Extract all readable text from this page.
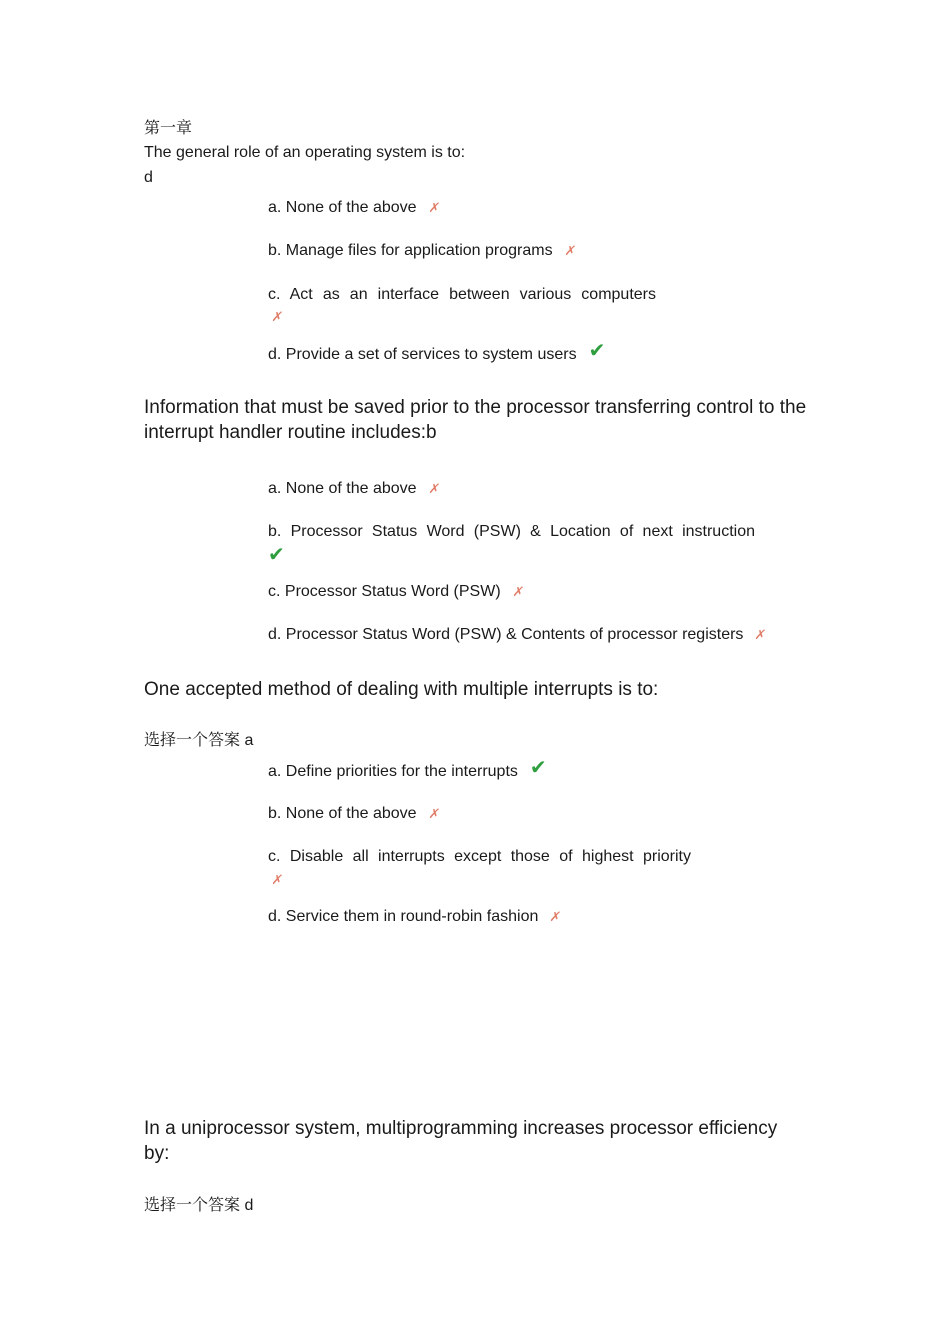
第一章
The general role of an operating system is to:
d
a. None of the above ✗
b. Manage files for application programs ✗
c. Act as an interface between various computers
✗
d. Provide a set of services to system users ✔
Information that must be saved prior to the processor transferring control to the
interrupt handler routine includes:b
a. None of the above ✗
b. Processor Status Word (PSW) & Location of next instruction
✔
c. Processor Status Word (PSW) ✗
d. Processor Status Word (PSW) & Contents of processor registers ✗
One accepted method of dealing with multiple interrupts is to:
选择一个答案 a
a. Define priorities for the interrupts ✔
b. None of the above ✗
c. Disable all interrupts except those of highest priority
✗
d. Service them in round-robin fashion ✗
In a uniprocessor system, multiprogramming increases processor efficiency
by:
选择一个答案 d
